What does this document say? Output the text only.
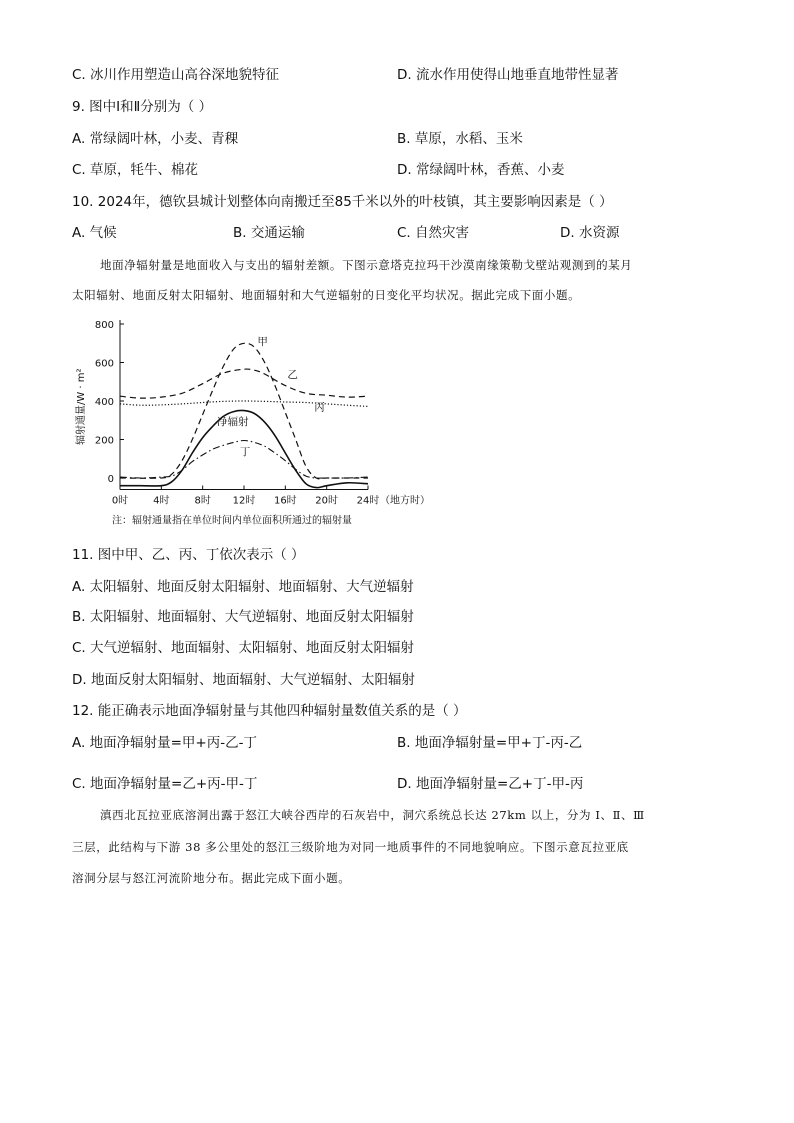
C. 冰川作用塑造山高谷深地貌特征	D. 流水作用使得山地垂直地带性显著
9. 图中Ⅰ和Ⅱ分别为（ ）
A. 常绿阔叶林，小麦、青稞	B. 草原，水稻、玉米
C. 草原，牦牛、棉花	D. 常绿阔叶林，香蕉、小麦
10. 2024年，德钦县城计划整体向南搬迁至85千米以外的叶枝镇，其主要影响因素是（ ）
A. 气候	B. 交通运输	C. 自然灾害	D. 水资源
地面净辐射量是地面收入与支出的辐射差额。下图示意塔克拉玛干沙漠南缘策勒戈壁站观测到的某月
太阳辐射、地面反射太阳辐射、地面辐射和大气逆辐射的日变化平均状况。据此完成下面小题。
0
200
400
600
800
0时 4时 8时 12时 16时 20时 24时 （地方时）
辐射通量/W · m²
甲
乙
丙
净辐射
丁
注：辐射通量指在单位时间内单位面积所通过的辐射量
11. 图中甲、乙、丙、丁依次表示（ ）
A. 太阳辐射、地面反射太阳辐射、地面辐射、大气逆辐射
B. 太阳辐射、地面辐射、大气逆辐射、地面反射太阳辐射
C. 大气逆辐射、地面辐射、太阳辐射、地面反射太阳辐射
D. 地面反射太阳辐射、地面辐射、大气逆辐射、太阳辐射
12. 能正确表示地面净辐射量与其他四种辐射量数值关系的是（ ）
A. 地面净辐射量=甲+丙-乙-丁	B. 地面净辐射量=甲+丁-丙-乙
C. 地面净辐射量=乙+丙-甲-丁	D. 地面净辐射量=乙+丁-甲-丙
滇西北瓦拉亚底溶洞出露于怒江大峡谷西岸的石灰岩中，洞穴系统总长达 27km 以上，分为 Ⅰ、Ⅱ、Ⅲ
三层，此结构与下游 38 多公里处的怒江三级阶地为对同一地质事件的不同地貌响应。下图示意瓦拉亚底
溶洞分层与怒江河流阶地分布。据此完成下面小题。
